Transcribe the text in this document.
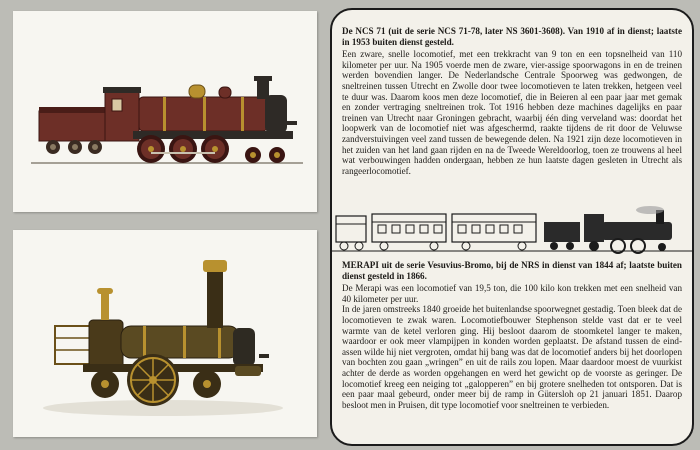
De NCS 71 (uit de serie NCS 71-78, later NS 3601-3608). Van 1910 af in dienst; laatste in 1953 buiten dienst gesteld.

Een zware, snelle locomotief, met een trekkracht van 9 ton en een topsnelheid van 110 kilometer per uur. Na 1905 voerde men de zware, vier-assige spoorwagons in en de treinen werden bovendien langer. De Nederlandsche Centrale Spoorweg was gedwongen, de sneltreinen tussen Utrecht en Zwolle door twee locomotieven te laten trekken, hetgeen veel te duur was. Daarom koos men deze locomotief, die in Beieren al een paar jaar met gemak en zonder vertraging sneltreinen trok. Tot 1916 hebben deze machines dagelijks en paar treinen van Utrecht naar Groningen gebracht, waarbij één ding verveland was: doordat het loopwerk van de locomotief niet was afgeschermd, raakte tijdens de rit door de Veluwse zandverstuivingen veel zand tussen de bewegende delen. Na 1921 zijn deze locomotieven in het zuiden van het land gaan rijden en na de Tweede Wereldoorlog, toen ze trouwens al heel wat verbouwingen hadden ondergaan, hebben ze hun laatste dagen gesleten in Utrecht als rangeerlocomotief.

MERAPI uit de serie Vesuvius-Bromo, bij de NRS in dienst van 1844 af; laatste buiten dienst gesteld in 1866.

De Merapi was een locomotief van 19,5 ton, die 100 kilo kon trekken met een snelheid van 40 kilometer per uur.

In de jaren omstreeks 1840 groeide het buitenlandse spoorwegnet gestadig. Toen bleek dat de locomotieven te zwak waren. Locomotiefbouwer Stephenson stelde vast dat er te veel warmte van de ketel verloren ging. Hij besloot daarom de stoomketel langer te maken, waardoor er ook meer vlampijpen in konden worden geplaatst. De afstand tussen de eind-assen wilde hij niet vergroten, omdat hij bang was dat de locomotief anders bij het doorlopen van bochten zou gaan „wringen” en uit de rails zou lopen. Maar daardoor moest de vuurkist achter de derde as worden opgehangen en werd het gewicht op de voorste as geringer. De locomotief kreeg een neiging tot „galopperen” en bij grotere snelheden tot ontsporen. Dat is een paar maal gebeurd, onder meer bij de ramp in Gütersloh op 21 januari 1851. Daarop besloot men in Pruisen, dit type locomotief voor sneltreinen te verbieden.
